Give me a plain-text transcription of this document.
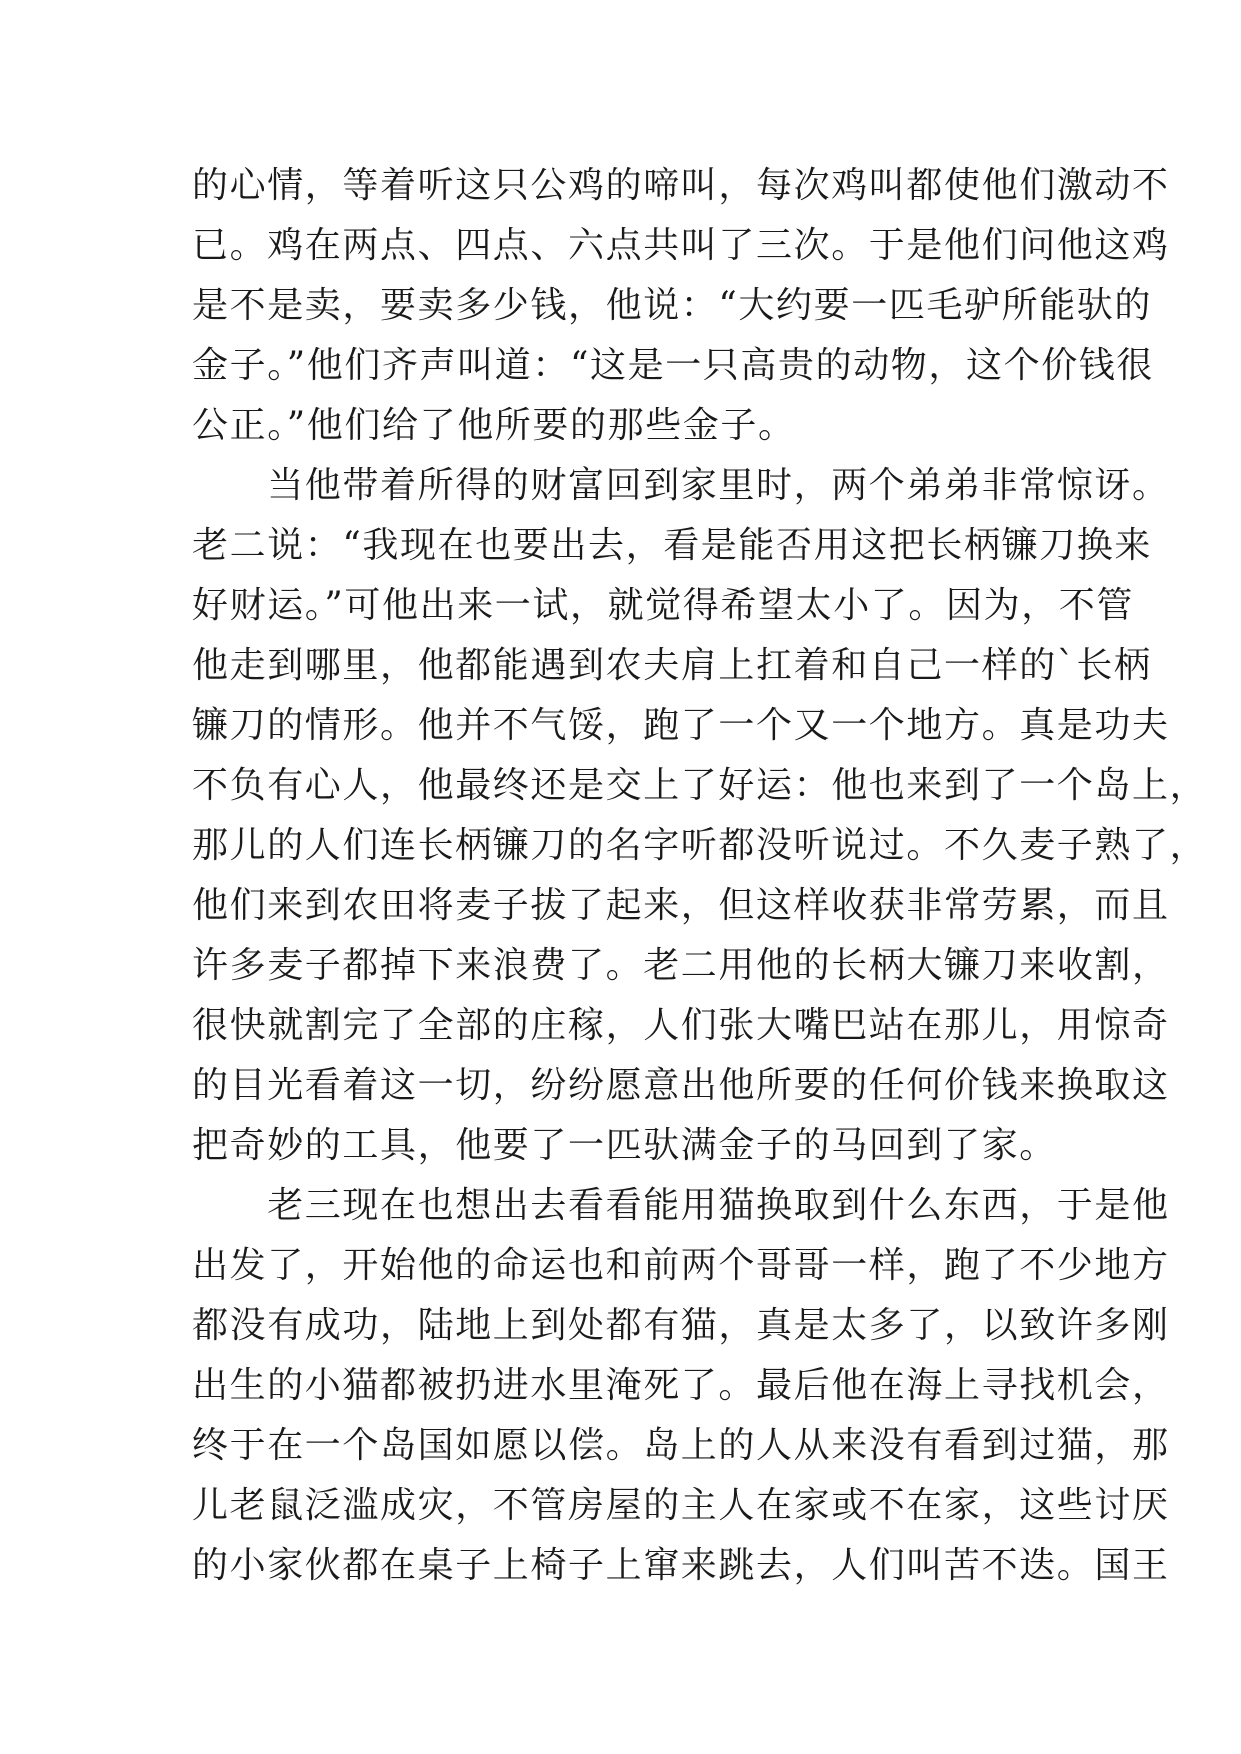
的心情，等着听这只公鸡的啼叫，每次鸡叫都使他们激动不
已。鸡在两点、四点、六点共叫了三次。于是他们问他这鸡
是不是卖，要卖多少钱，他说：“大约要一匹毛驴所能驮的
金子。”他们齐声叫道：“这是一只高贵的动物，这个价钱很
公正。”他们给了他所要的那些金子。
　　当他带着所得的财富回到家里时，两个弟弟非常惊讶。
老二说：“我现在也要出去，看是能否用这把长柄镰刀换来
好财运。”可他出来一试，就觉得希望太小了。因为，不管
他走到哪里，他都能遇到农夫肩上扛着和自己一样的`长柄
镰刀的情形。他并不气馁，跑了一个又一个地方。真是功夫
不负有心人，他最终还是交上了好运：他也来到了一个岛上，
那儿的人们连长柄镰刀的名字听都没听说过。不久麦子熟了，
他们来到农田将麦子拔了起来，但这样收获非常劳累，而且
许多麦子都掉下来浪费了。老二用他的长柄大镰刀来收割，
很快就割完了全部的庄稼，人们张大嘴巴站在那儿，用惊奇
的目光看着这一切，纷纷愿意出他所要的任何价钱来换取这
把奇妙的工具，他要了一匹驮满金子的马回到了家。
　　老三现在也想出去看看能用猫换取到什么东西，于是他
出发了，开始他的命运也和前两个哥哥一样，跑了不少地方
都没有成功，陆地上到处都有猫，真是太多了，以致许多刚
出生的小猫都被扔进水里淹死了。最后他在海上寻找机会，
终于在一个岛国如愿以偿。岛上的人从来没有看到过猫，那
儿老鼠泛滥成灾，不管房屋的主人在家或不在家，这些讨厌
的小家伙都在桌子上椅子上窜来跳去，人们叫苦不迭。国王
